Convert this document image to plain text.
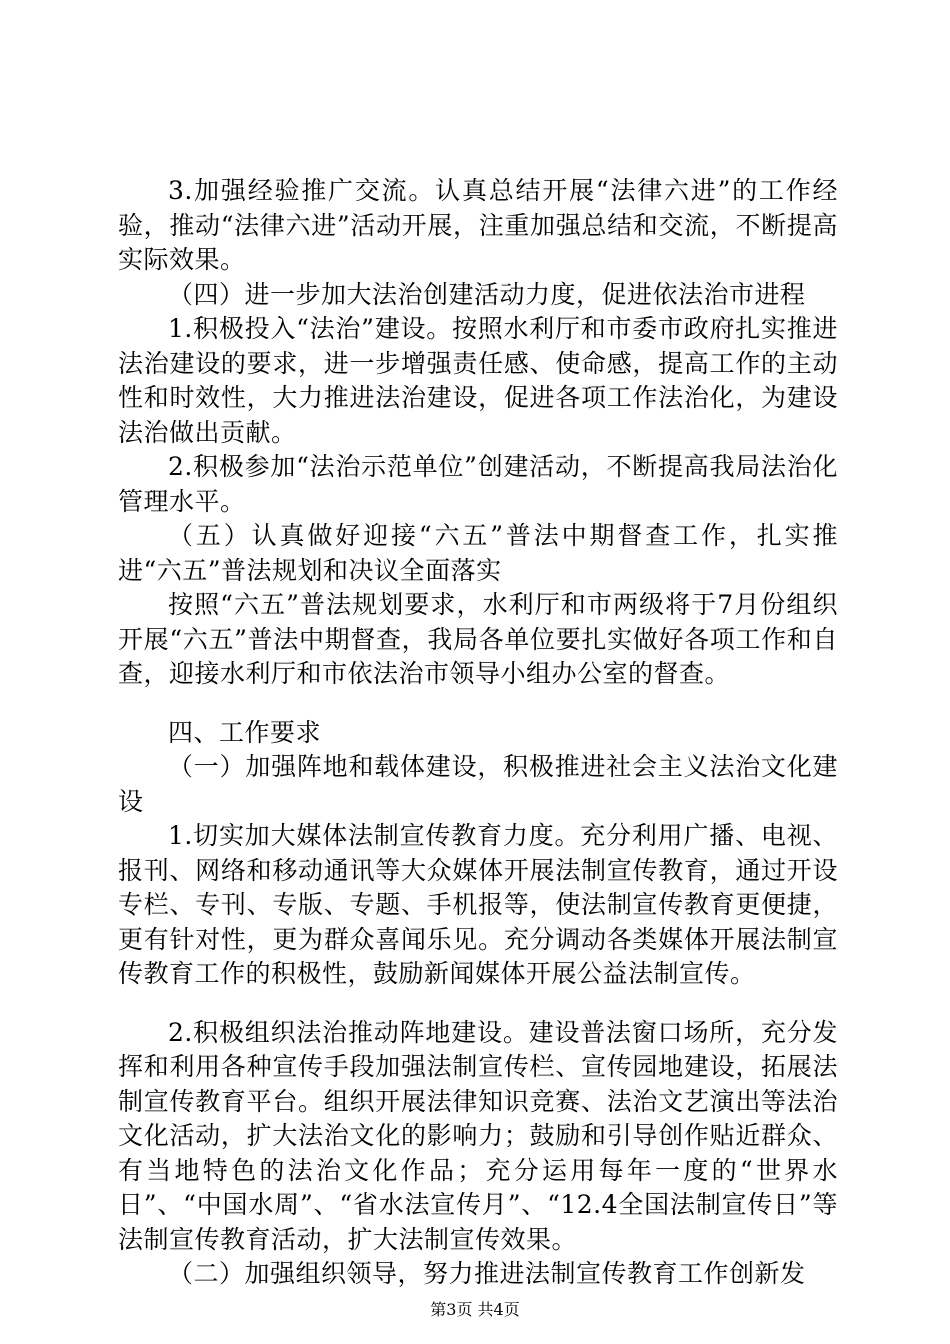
3.加强经验推广交流。认真总结开展“法律六进”的工作经验，推动“法律六进”活动开展，注重加强总结和交流，不断提高实际效果。

（四）进一步加大法治创建活动力度，促进依法治市进程

1.积极投入“法治”建设。按照水利厅和市委市政府扎实推进法治建设的要求，进一步增强责任感、使命感，提高工作的主动性和时效性，大力推进法治建设，促进各项工作法治化，为建设法治做出贡献。

2.积极参加“法治示范单位”创建活动，不断提高我局法治化管理水平。

（五）认真做好迎接“六五”普法中期督查工作，扎实推进“六五”普法规划和决议全面落实

按照“六五”普法规划要求，水利厅和市两级将于7月份组织开展“六五”普法中期督查，我局各单位要扎实做好各项工作和自查，迎接水利厅和市依法治市领导小组办公室的督查。

四、工作要求

（一）加强阵地和载体建设，积极推进社会主义法治文化建设

1.切实加大媒体法制宣传教育力度。充分利用广播、电视、报刊、网络和移动通讯等大众媒体开展法制宣传教育，通过开设专栏、专刊、专版、专题、手机报等，使法制宣传教育更便捷，更有针对性，更为群众喜闻乐见。充分调动各类媒体开展法制宣传教育工作的积极性，鼓励新闻媒体开展公益法制宣传。

2.积极组织法治推动阵地建设。建设普法窗口场所，充分发挥和利用各种宣传手段加强法制宣传栏、宣传园地建设，拓展法制宣传教育平台。组织开展法律知识竞赛、法治文艺演出等法治文化活动，扩大法治文化的影响力；鼓励和引导创作贴近群众、有当地特色的法治文化作品；充分运用每年一度的“世界水日”、“中国水周”、“省水法宣传月”、“12.4全国法制宣传日”等法制宣传教育活动，扩大法制宣传效果。

（二）加强组织领导，努力推进法制宣传教育工作创新发

第3页 共4页
